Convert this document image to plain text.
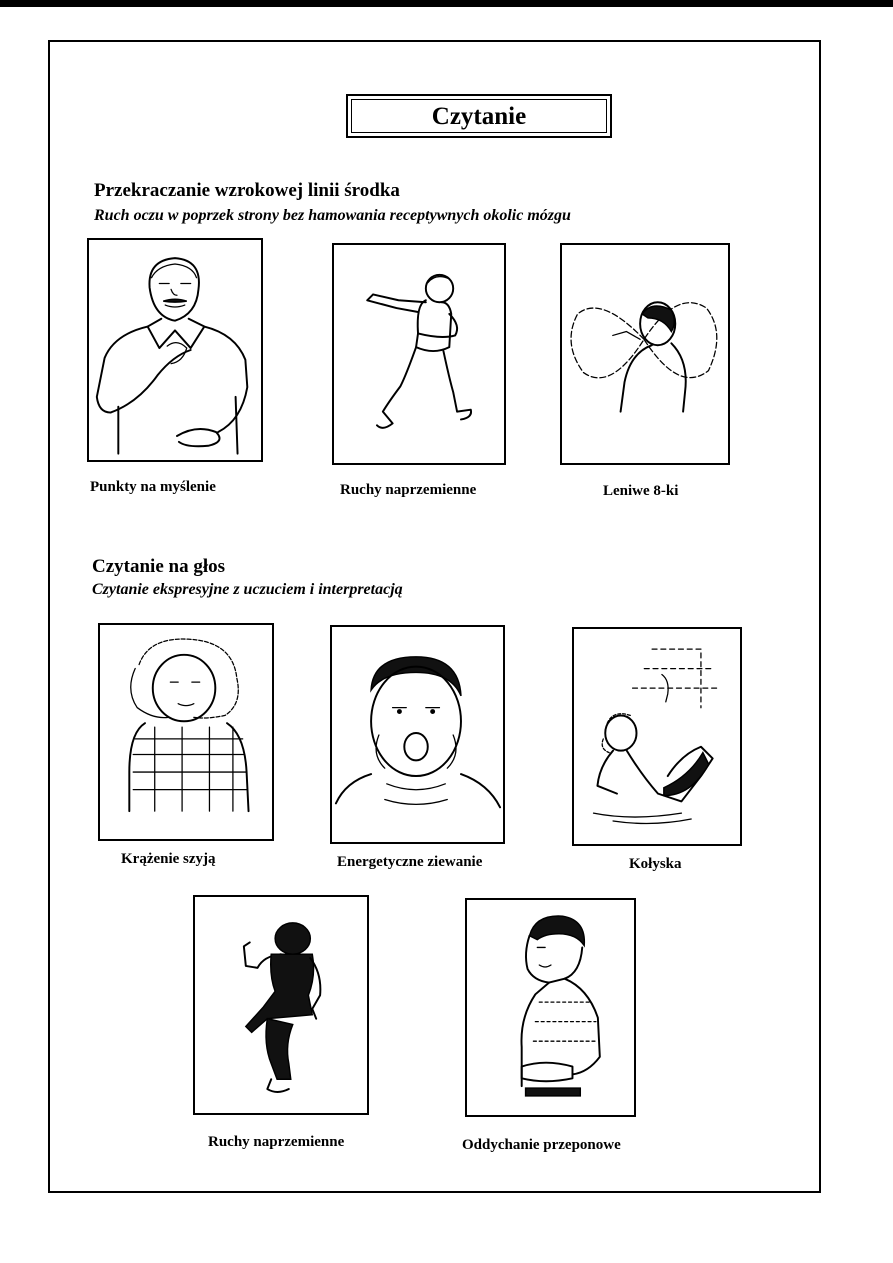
Czytanie
Przekraczanie wzrokowej linii środka
Ruch oczu w poprzek strony bez hamowania receptywnych okolic mózgu
Punkty na myślenie	Ruchy naprzemienne	Leniwe 8-ki
Czytanie na głos
Czytanie ekspresyjne z uczuciem i interpretacją
Krążenie szyją	Energetyczne ziewanie	Kołyska
Ruchy naprzemienne	Oddychanie przeponowe
